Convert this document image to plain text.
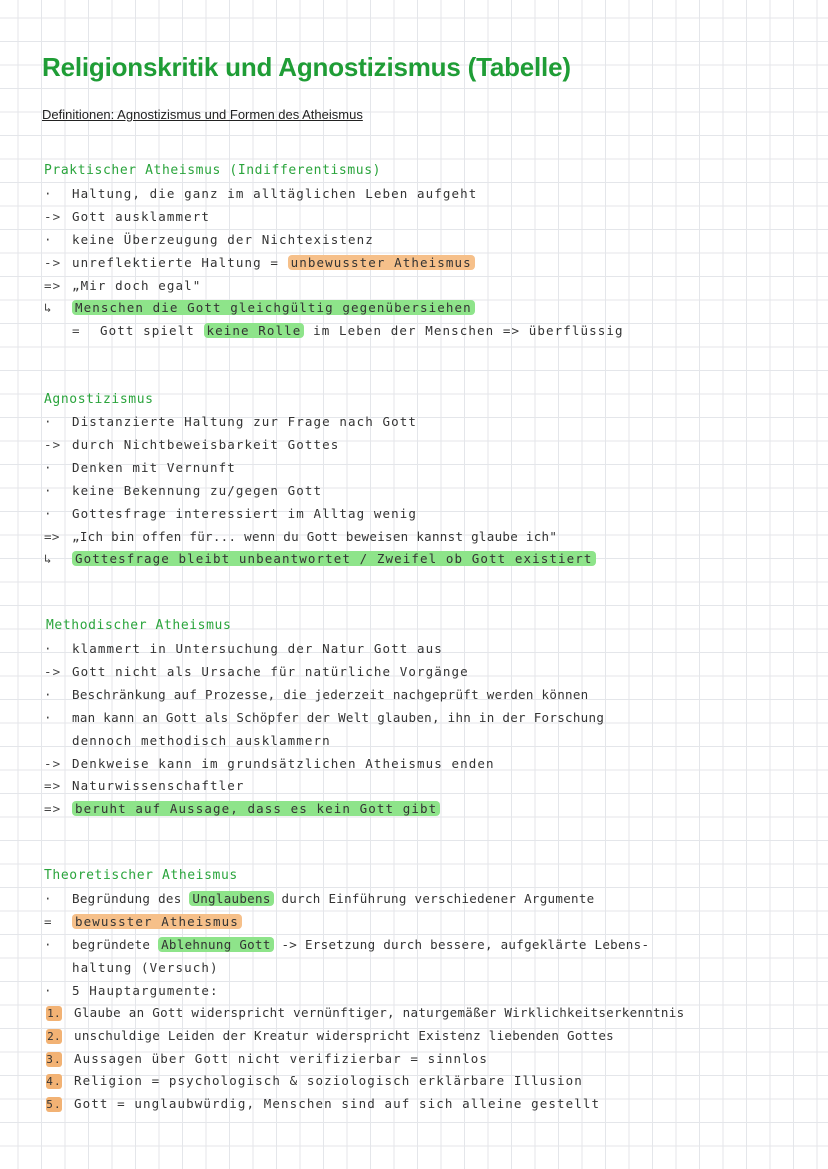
Religionskritik und Agnostizismus (Tabelle)
Definitionen: Agnostizismus und Formen des Atheismus
Praktischer Atheismus (Indifferentismus)
· Haltung, die ganz im alltäglichen Leben aufgeht
-> Gott ausklammert
· keine Überzeugung der Nichtexistenz
-> unreflektierte Haltung = unbewusster Atheismus
=> „Mir doch egal"
↳ Menschen die Gott gleichgültig gegenübersiehen
= Gott spielt keine Rolle im Leben der Menschen => überflüssig
Agnostizismus
· Distanzierte Haltung zur Frage nach Gott
-> durch Nichtbeweisbarkeit Gottes
· Denken mit Vernunft
· keine Bekennung zu/gegen Gott
· Gottesfrage interessiert im Alltag wenig
=> „Ich bin offen für... wenn du Gott beweisen kannst glaube ich"
↳ Gottesfrage bleibt unbeantwortet / Zweifel ob Gott existiert
Methodischer Atheismus
· klammert in Untersuchung der Natur Gott aus
-> Gott nicht als Ursache für natürliche Vorgänge
· Beschränkung auf Prozesse, die jederzeit nachgeprüft werden können
· man kann an Gott als Schöpfer der Welt glauben, ihn in der Forschung
dennoch methodisch ausklammern
-> Denkweise kann im grundsätzlichen Atheismus enden
=> Naturwissenschaftler
=> beruht auf Aussage, dass es kein Gott gibt
Theoretischer Atheismus
· Begründung des Unglaubens durch Einführung verschiedener Argumente
= bewusster Atheismus
· begründete Ablehnung Gott -> Ersetzung durch bessere, aufgeklärte Lebens-
haltung (Versuch)
· 5 Hauptargumente:
1. Glaube an Gott widerspricht vernünftiger, naturgemäßer Wirklichkeitserkenntnis
2. unschuldige Leiden der Kreatur widerspricht Existenz liebenden Gottes
3. Aussagen über Gott nicht verifizierbar = sinnlos
4. Religion = psychologisch & soziologisch erklärbare Illusion
5. Gott = unglaubwürdig, Menschen sind auf sich alleine gestellt
